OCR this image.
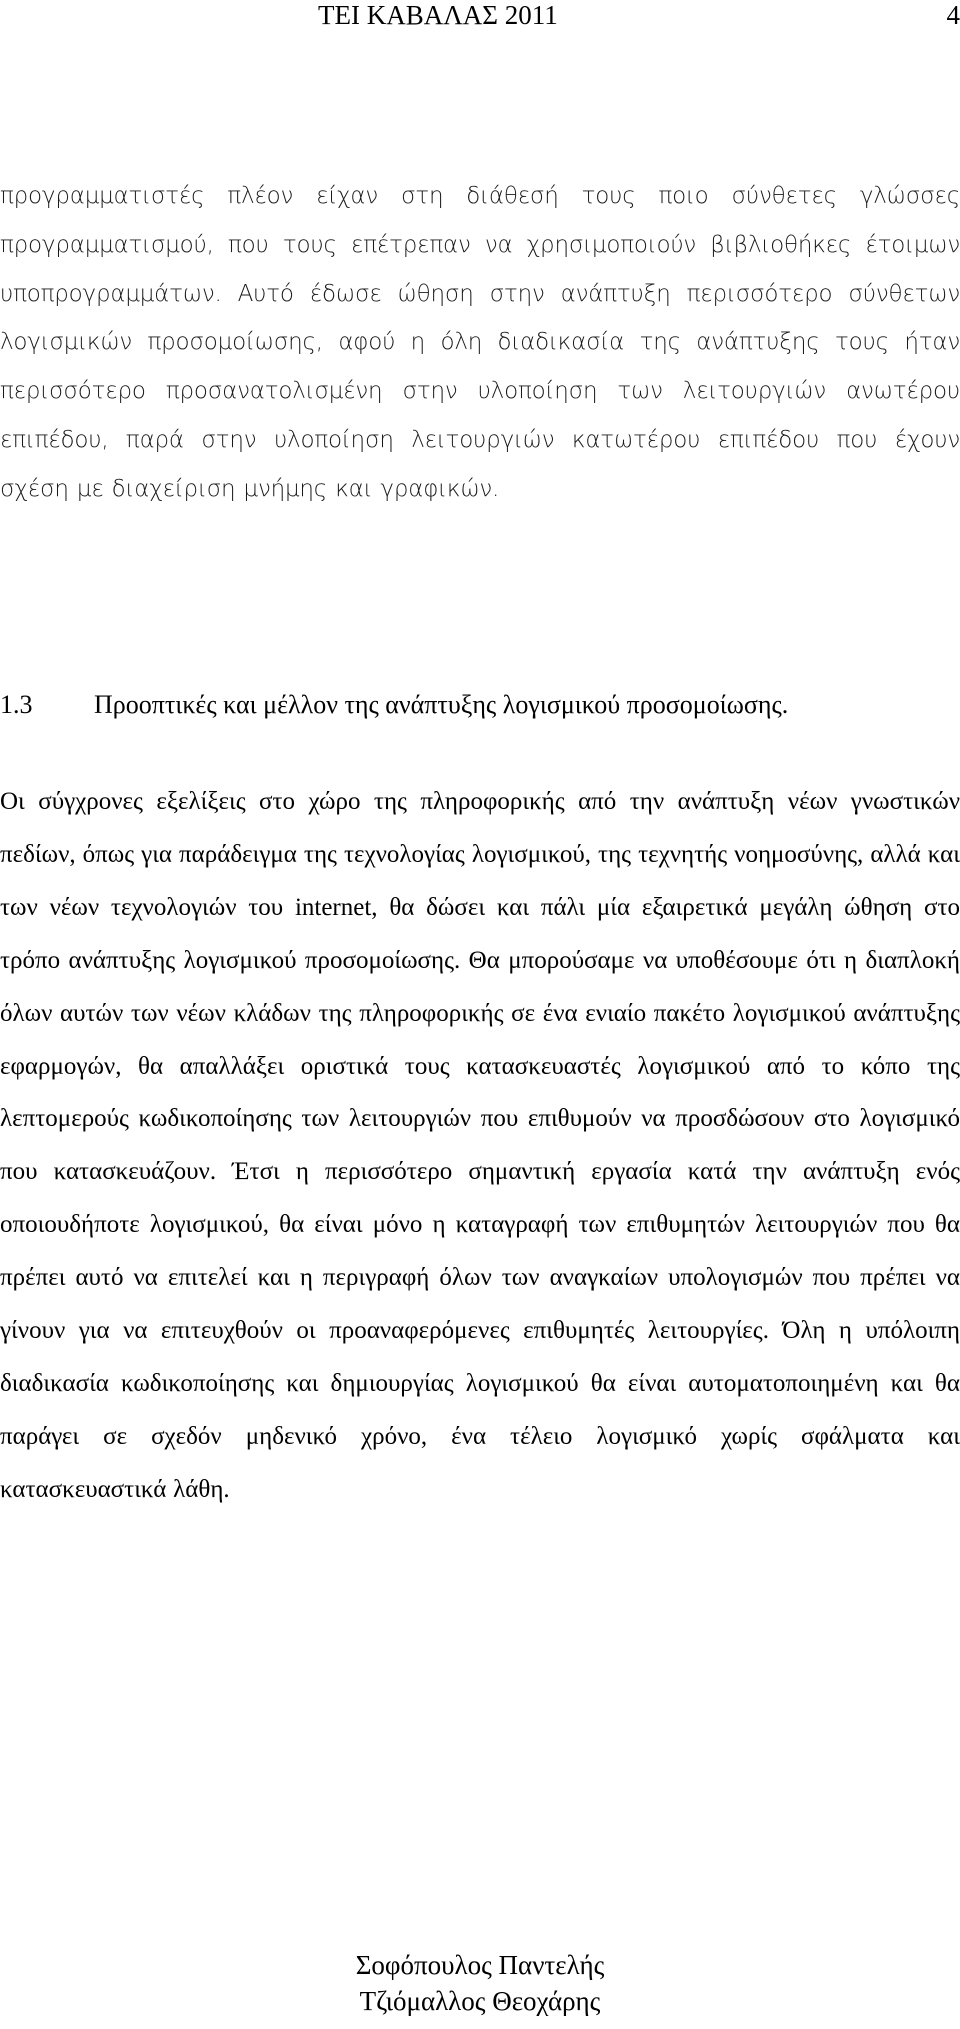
ΤΕΙ ΚΑΒΑΛΑΣ 2011	4

προγραμματιστές πλέον είχαν στη διάθεσή τους ποιο σύνθετες γλώσσες προγραμματισμού, που τους επέτρεπαν να χρησιμοποιούν βιβλιοθήκες έτοιμων υποπρογραμμάτων. Αυτό έδωσε ώθηση στην ανάπτυξη περισσότερο σύνθετων λογισμικών προσομοίωσης, αφού η όλη διαδικασία της ανάπτυξης τους ήταν περισσότερο προσανατολισμένη στην υλοποίηση των λειτουργιών ανωτέρου επιπέδου, παρά στην υλοποίηση λειτουργιών κατωτέρου επιπέδου που έχουν σχέση με διαχείριση μνήμης και γραφικών.

1.3 Προοπτικές και μέλλον της ανάπτυξης λογισμικού προσομοίωσης.

Οι σύγχρονες εξελίξεις στο χώρο της πληροφορικής από την ανάπτυξη νέων γνωστικών πεδίων, όπως για παράδειγμα της τεχνολογίας λογισμικού, της τεχνητής νοημοσύνης, αλλά και των νέων τεχνολογιών του internet, θα δώσει και πάλι μία εξαιρετικά μεγάλη ώθηση στο τρόπο ανάπτυξης λογισμικού προσομοίωσης. Θα μπορούσαμε να υποθέσουμε ότι η διαπλοκή όλων αυτών των νέων κλάδων της πληροφορικής σε ένα ενιαίο πακέτο λογισμικού ανάπτυξης εφαρμογών, θα απαλλάξει οριστικά τους κατασκευαστές λογισμικού από το κόπο της λεπτομερούς κωδικοποίησης των λειτουργιών που επιθυμούν να προσδώσουν στο λογισμικό που κατασκευάζουν. Έτσι η περισσότερο σημαντική εργασία κατά την ανάπτυξη ενός οποιουδήποτε λογισμικού, θα είναι μόνο η καταγραφή των επιθυμητών λειτουργιών που θα πρέπει αυτό να επιτελεί και η περιγραφή όλων των αναγκαίων υπολογισμών που πρέπει να γίνουν για να επιτευχθούν οι προαναφερόμενες επιθυμητές λειτουργίες. Όλη η υπόλοιπη διαδικασία κωδικοποίησης και δημιουργίας λογισμικού θα είναι αυτοματοποιημένη και θα παράγει σε σχεδόν μηδενικό χρόνο, ένα τέλειο λογισμικό χωρίς σφάλματα και κατασκευαστικά λάθη.

Σοφόπουλος Παντελής
Τζιόμαλλος Θεοχάρης
